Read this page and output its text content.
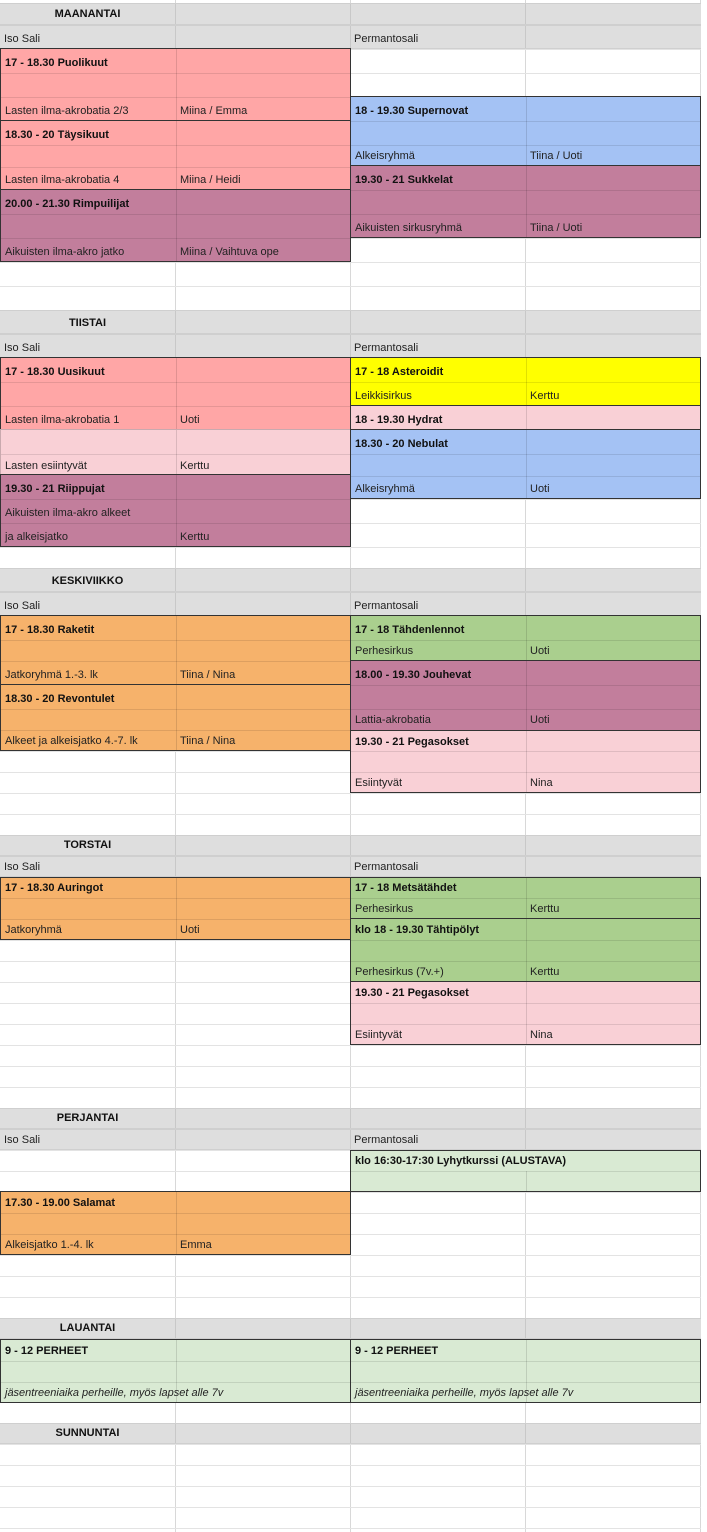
MAANANTAI
Iso Sali	Permantosali
17 - 18.30 Puolikuut
Lasten ilma-akrobatia 2/3	Miina / Emma
18.30 - 20 Täysikuut
Lasten ilma-akrobatia 4	Miina / Heidi
20.00 - 21.30 Rimpuilijat
Aikuisten ilma-akro jatko	Miina / Vaihtuva ope
18 - 19.30 Supernovat
Alkeisryhmä	Tiina / Uoti
19.30 - 21 Sukkelat
Aikuisten sirkusryhmä	Tiina / Uoti
TIISTAI
Iso Sali	Permantosali
17 - 18.30 Uusikuut
Lasten ilma-akrobatia 1	Uoti
Lasten esiintyvät	Kerttu
19.30 - 21 Riippujat
Aikuisten ilma-akro alkeet
ja alkeisjatko	Kerttu
17 - 18 Asteroidit
Leikkisirkus	Kerttu
18 - 19.30 Hydrat
18.30 - 20 Nebulat
Alkeisryhmä	Uoti
KESKIVIIKKO
Iso Sali	Permantosali
17 - 18.30 Raketit
Jatkoryhmä 1.-3. lk	Tiina / Nina
18.30 - 20 Revontulet
Alkeet ja alkeisjatko 4.-7. lk	Tiina / Nina
17 - 18 Tähdenlennot
Perhesirkus	Uoti
18.00 - 19.30 Jouhevat
Lattia-akrobatia	Uoti
19.30 - 21 Pegasokset
Esiintyvät	Nina
TORSTAI
Iso Sali	Permantosali
17 - 18.30 Auringot
Jatkoryhmä	Uoti
17 - 18 Metsätähdet
Perhesirkus	Kerttu
klo 18 - 19.30 Tähtipölyt
Perhesirkus (7v.+)	Kerttu
19.30 - 21 Pegasokset
Esiintyvät	Nina
PERJANTAI
Iso Sali	Permantosali
klo 16:30-17:30 Lyhytkurssi (ALUSTAVA)
17.30 - 19.00 Salamat
Alkeisjatko 1.-4. lk	Emma
LAUANTAI
9 - 12 PERHEET
jäsentreeniaika perheille, myös lapset alle 7v
9 - 12 PERHEET
jäsentreeniaika perheille, myös lapset alle 7v
SUNNUNTAI
